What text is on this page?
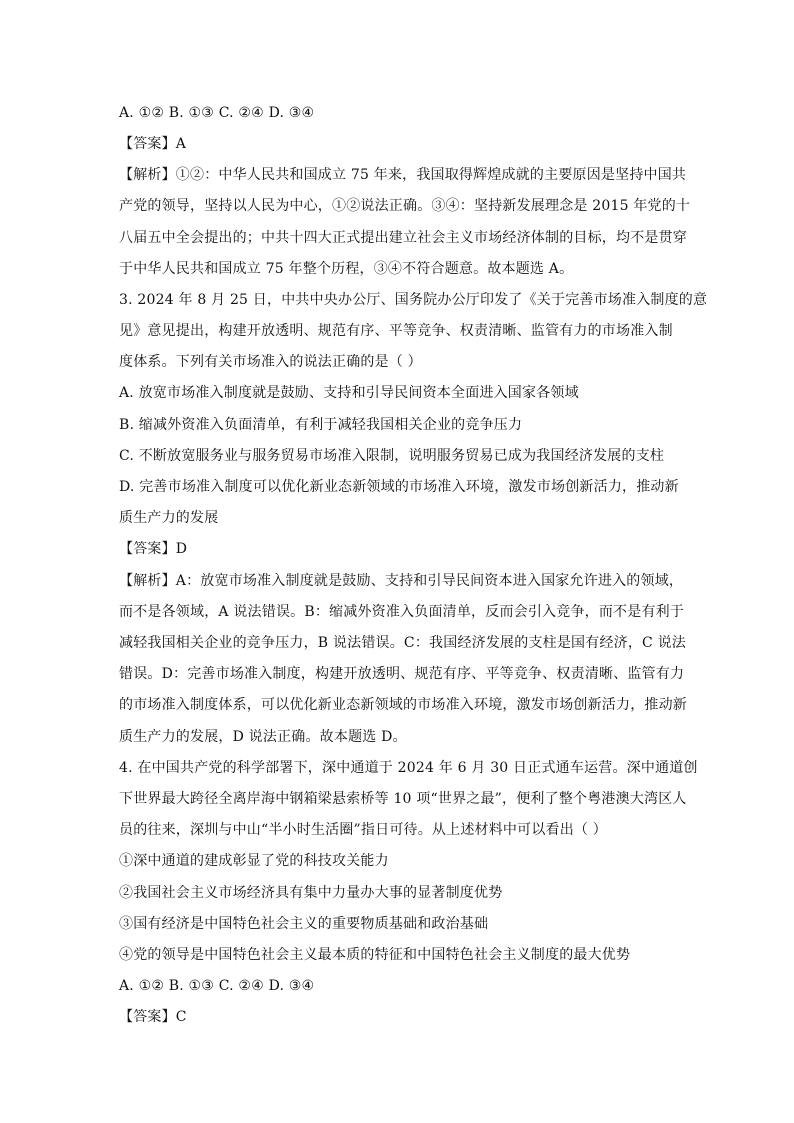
A. ①② B. ①③ C. ②④ D. ③④
【答案】A
【解析】①②：中华人民共和国成立 75 年来，我国取得辉煌成就的主要原因是坚持中国共
产党的领导，坚持以人民为中心，①②说法正确。③④：坚持新发展理念是 2015 年党的十
八届五中全会提出的；中共十四大正式提出建立社会主义市场经济体制的目标，均不是贯穿
于中华人民共和国成立 75 年整个历程，③④不符合题意。故本题选 A。
3. 2024 年 8 月 25 日，中共中央办公厅、国务院办公厅印发了《关于完善市场准入制度的意
见》意见提出，构建开放透明、规范有序、平等竞争、权责清晰、监管有力的市场准入制
度体系。下列有关市场准入的说法正确的是（ ）
A. 放宽市场准入制度就是鼓励、支持和引导民间资本全面进入国家各领域
B. 缩减外资准入负面清单，有利于减轻我国相关企业的竞争压力
C. 不断放宽服务业与服务贸易市场准入限制，说明服务贸易已成为我国经济发展的支柱
D. 完善市场准入制度可以优化新业态新领域的市场准入环境，激发市场创新活力，推动新
质生产力的发展
【答案】D
【解析】A：放宽市场准入制度就是鼓励、支持和引导民间资本进入国家允许进入的领域，
而不是各领域，A 说法错误。B：缩减外资准入负面清单，反而会引入竞争，而不是有利于
减轻我国相关企业的竞争压力，B 说法错误。C：我国经济发展的支柱是国有经济，C 说法
错误。D：完善市场准入制度，构建开放透明、规范有序、平等竞争、权责清晰、监管有力
的市场准入制度体系，可以优化新业态新领域的市场准入环境，激发市场创新活力，推动新
质生产力的发展，D 说法正确。故本题选 D。
4. 在中国共产党的科学部署下，深中通道于 2024 年 6 月 30 日正式通车运营。深中通道创
下世界最大跨径全离岸海中钢箱梁悬索桥等 10 项“世界之最”，便利了整个粤港澳大湾区人
员的往来，深圳与中山“半小时生活圈”指日可待。从上述材料中可以看出（ ）
①深中通道的建成彰显了党的科技攻关能力
②我国社会主义市场经济具有集中力量办大事的显著制度优势
③国有经济是中国特色社会主义的重要物质基础和政治基础
④党的领导是中国特色社会主义最本质的特征和中国特色社会主义制度的最大优势
A. ①② B. ①③ C. ②④ D. ③④
【答案】C
